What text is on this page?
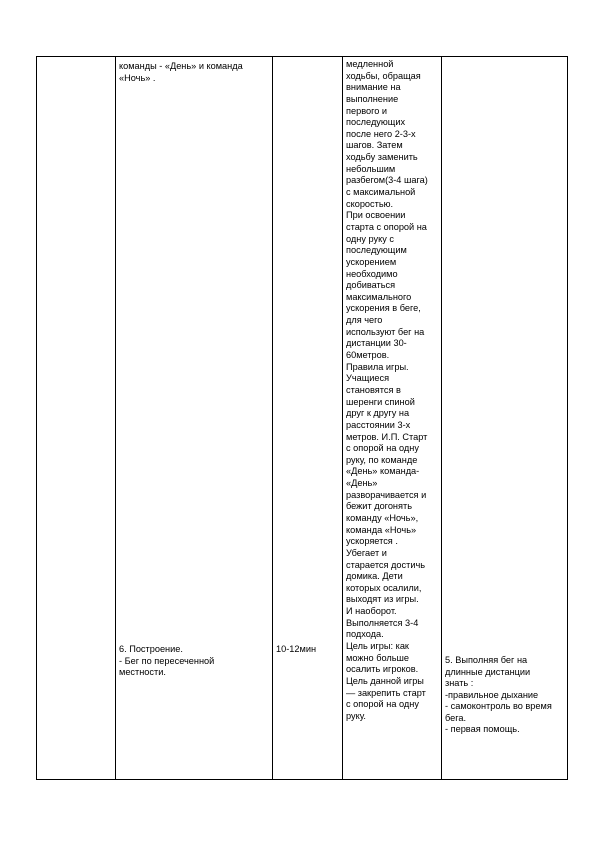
команды - «День» и команда
«Ночь» .
6. Построение.
- Бег по пересеченной
местности.
10-12мин
медленной
ходьбы, обращая
внимание на
выполнение
первого и
последующих
после него 2-3-х
шагов. Затем
ходьбу заменить
небольшим
разбегом(3-4 шага)
с максимальной
скоростью.
При освоении
старта с опорой на
одну руку с
последующим
ускорением
необходимо
добиваться
максимального
ускорения в беге,
для чего
используют бег на
дистанции 30-
60метров.
Правила игры.
Учащиеся
становятся в
шеренги спиной
друг к другу на
расстоянии 3-х
метров. И.П. Старт
с опорой на одну
руку, по команде
«День» команда-
«День»
разворачивается и
бежит догонять
команду «Ночь»,
команда «Ночь»
ускоряется .
Убегает и
старается достичь
домика. Дети
которых осалили,
выходят из игры.
И наоборот.
Выполняется 3-4
подхода.
Цель игры: как
можно больше
осалить игроков.
Цель данной игры
— закрепить старт
с опорой на одну
руку.
5. Выполняя бег на
длинные дистанции
знать :
-правильное дыхание
- самоконтроль во время
бега.
- первая помощь.
